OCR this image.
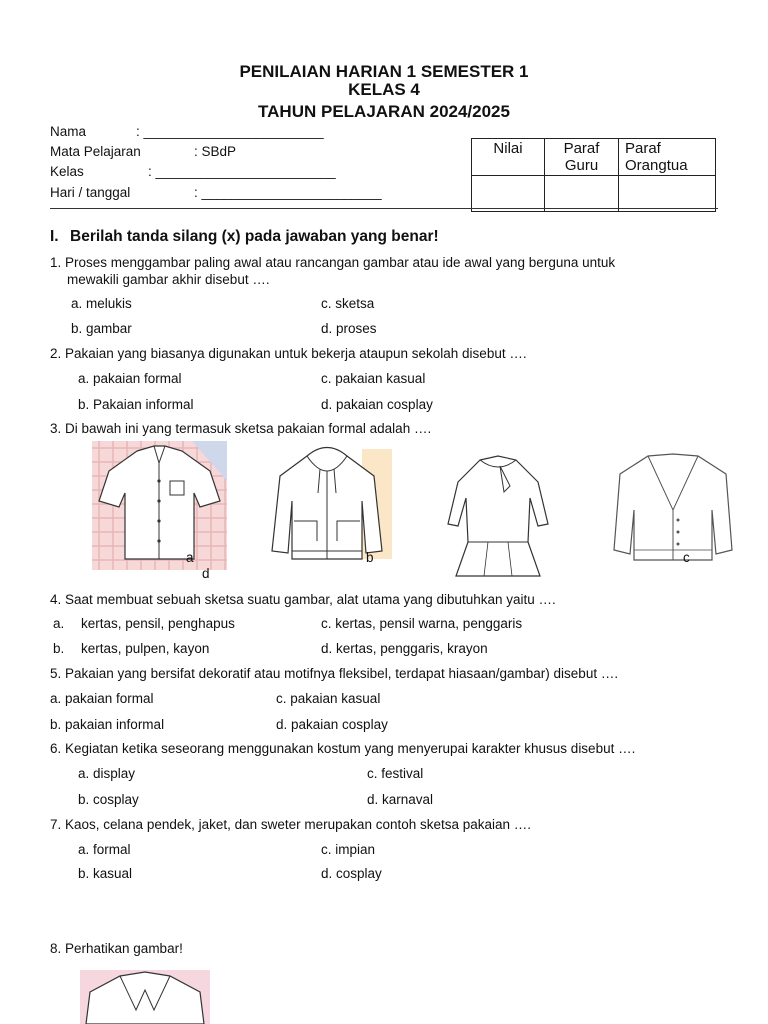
PENILAIAN HARIAN 1 SEMESTER 1
KELAS 4
TAHUN PELAJARAN 2024/2025
Nama	: ________________________
Mata Pelajaran	: SBdP
Kelas	: ________________________
Hari / tanggal	: ________________________
Nilai	Paraf Guru	Paraf Orangtua

I. Berilah tanda silang (x) pada jawaban yang benar!
1. Proses menggambar paling awal atau rancangan gambar atau ide awal yang berguna untuk
mewakili gambar akhir disebut ….
a. melukis	c. sketsa
b. gambar	d. proses
2. Pakaian yang biasanya digunakan untuk bekerja ataupun sekolah disebut ….
a. pakaian formal	c. pakaian kasual
b. Pakaian informal	d. pakaian cosplay
3. Di bawah ini yang termasuk sketsa pakaian formal adalah ….
a	b
d
c
4. Saat membuat sebuah sketsa suatu gambar, alat utama yang dibutuhkan yaitu ….
a. kertas, pensil, penghapus	c. kertas, pensil warna, penggaris
b. kertas, pulpen, kayon	d. kertas, penggaris, krayon
5. Pakaian yang bersifat dekoratif atau motifnya fleksibel, terdapat hiasaan/gambar) disebut ….
a. pakaian formal	c. pakaian kasual
b. pakaian informal	d. pakaian cosplay
6. Kegiatan ketika seseorang menggunakan kostum yang menyerupai karakter khusus disebut ….
a. display	c. festival
b. cosplay	d. karnaval
7. Kaos, celana pendek, jaket, dan sweter merupakan contoh sketsa pakaian ….
a. formal	c. impian
b. kasual	d. cosplay
8. Perhatikan gambar!
